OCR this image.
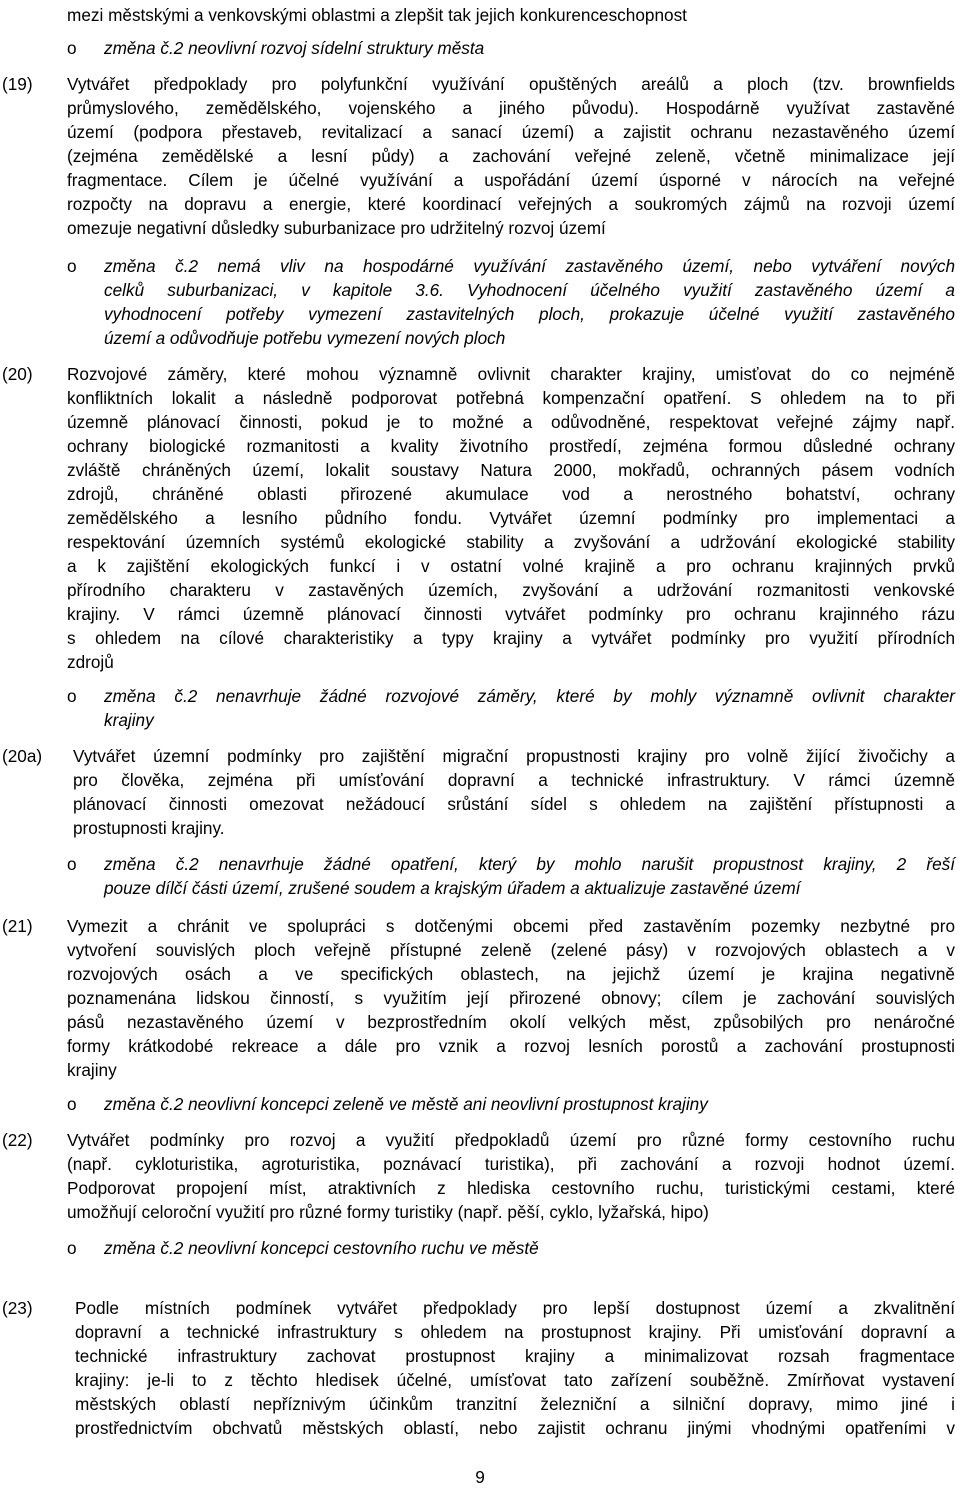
mezi městskými a venkovskými oblastmi a zlepšit tak jejich konkurenceschopnost
o změna č.2 neovlivní rozvoj sídelní struktury města
(19) Vytvářet předpoklady pro polyfunkční využívání opuštěných areálů a ploch (tzv. brownfields
průmyslového, zemědělského, vojenského a jiného původu). Hospodárně využívat zastavěné
území (podpora přestaveb, revitalizací a sanací území) a zajistit ochranu nezastavěného území
(zejména zemědělské a lesní půdy) a zachování veřejné zeleně, včetně minimalizace její
fragmentace. Cílem je účelné využívání a uspořádání území úsporné v nárocích na veřejné
rozpočty na dopravu a energie, které koordinací veřejných a soukromých zájmů na rozvoji území
omezuje negativní důsledky suburbanizace pro udržitelný rozvoj území
o změna č.2 nemá vliv na hospodárné využívání zastavěného území, nebo vytváření nových
celků suburbanizaci, v kapitole 3.6. Vyhodnocení účelného využití zastavěného území a
vyhodnocení potřeby vymezení zastavitelných ploch, prokazuje účelné využití zastavěného
území a odůvodňuje potřebu vymezení nových ploch
(20) Rozvojové záměry, které mohou významně ovlivnit charakter krajiny, umisťovat do co nejméně
konfliktních lokalit a následně podporovat potřebná kompenzační opatření. S ohledem na to při
územně plánovací činnosti, pokud je to možné a odůvodněné, respektovat veřejné zájmy např.
ochrany biologické rozmanitosti a kvality životního prostředí, zejména formou důsledné ochrany
zvláště chráněných území, lokalit soustavy Natura 2000, mokřadů, ochranných pásem vodních
zdrojů, chráněné oblasti přirozené akumulace vod a nerostného bohatství, ochrany
zemědělského a lesního půdního fondu. Vytvářet územní podmínky pro implementaci a
respektování územních systémů ekologické stability a zvyšování a udržování ekologické stability
a k zajištění ekologických funkcí i v ostatní volné krajině a pro ochranu krajinných prvků
přírodního charakteru v zastavěných územích, zvyšování a udržování rozmanitosti venkovské
krajiny. V rámci územně plánovací činnosti vytvářet podmínky pro ochranu krajinného rázu
s ohledem na cílové charakteristiky a typy krajiny a vytvářet podmínky pro využití přírodních
zdrojů
o změna č.2 nenavrhuje žádné rozvojové záměry, které by mohly významně ovlivnit charakter
krajiny
(20a) Vytvářet územní podmínky pro zajištění migrační propustnosti krajiny pro volně žijící živočichy a
pro člověka, zejména při umísťování dopravní a technické infrastruktury. V rámci územně
plánovací činnosti omezovat nežádoucí srůstání sídel s ohledem na zajištění přístupnosti a
prostupnosti krajiny.
o změna č.2 nenavrhuje žádné opatření, který by mohlo narušit propustnost krajiny, 2 řeší
pouze dílčí části území, zrušené soudem a krajským úřadem a aktualizuje zastavěné území
(21) Vymezit a chránit ve spolupráci s dotčenými obcemi před zastavěním pozemky nezbytné pro
vytvoření souvislých ploch veřejně přístupné zeleně (zelené pásy) v rozvojových oblastech a v
rozvojových osách a ve specifických oblastech, na jejichž území je krajina negativně
poznamenána lidskou činností, s využitím její přirozené obnovy; cílem je zachování souvislých
pásů nezastavěného území v bezprostředním okolí velkých měst, způsobilých pro nenáročné
formy krátkodobé rekreace a dále pro vznik a rozvoj lesních porostů a zachování prostupnosti
krajiny
o změna č.2 neovlivní koncepci zeleně ve městě ani neovlivní prostupnost krajiny
(22) Vytvářet podmínky pro rozvoj a využití předpokladů území pro různé formy cestovního ruchu
(např. cykloturistika, agroturistika, poznávací turistika), při zachování a rozvoji hodnot území.
Podporovat propojení míst, atraktivních z hlediska cestovního ruchu, turistickými cestami, které
umožňují celoroční využití pro různé formy turistiky (např. pěší, cyklo, lyžařská, hipo)
o změna č.2 neovlivní koncepci cestovního ruchu ve městě
(23) Podle místních podmínek vytvářet předpoklady pro lepší dostupnost území a zkvalitnění
dopravní a technické infrastruktury s ohledem na prostupnost krajiny. Při umisťování dopravní a
technické infrastruktury zachovat prostupnost krajiny a minimalizovat rozsah fragmentace
krajiny: je-li to z těchto hledisek účelné, umísťovat tato zařízení souběžně. Zmírňovat vystavení
městských oblastí nepříznivým účinkům tranzitní železniční a silniční dopravy, mimo jiné i
prostřednictvím obchvatů městských oblastí, nebo zajistit ochranu jinými vhodnými opatřeními v
9
